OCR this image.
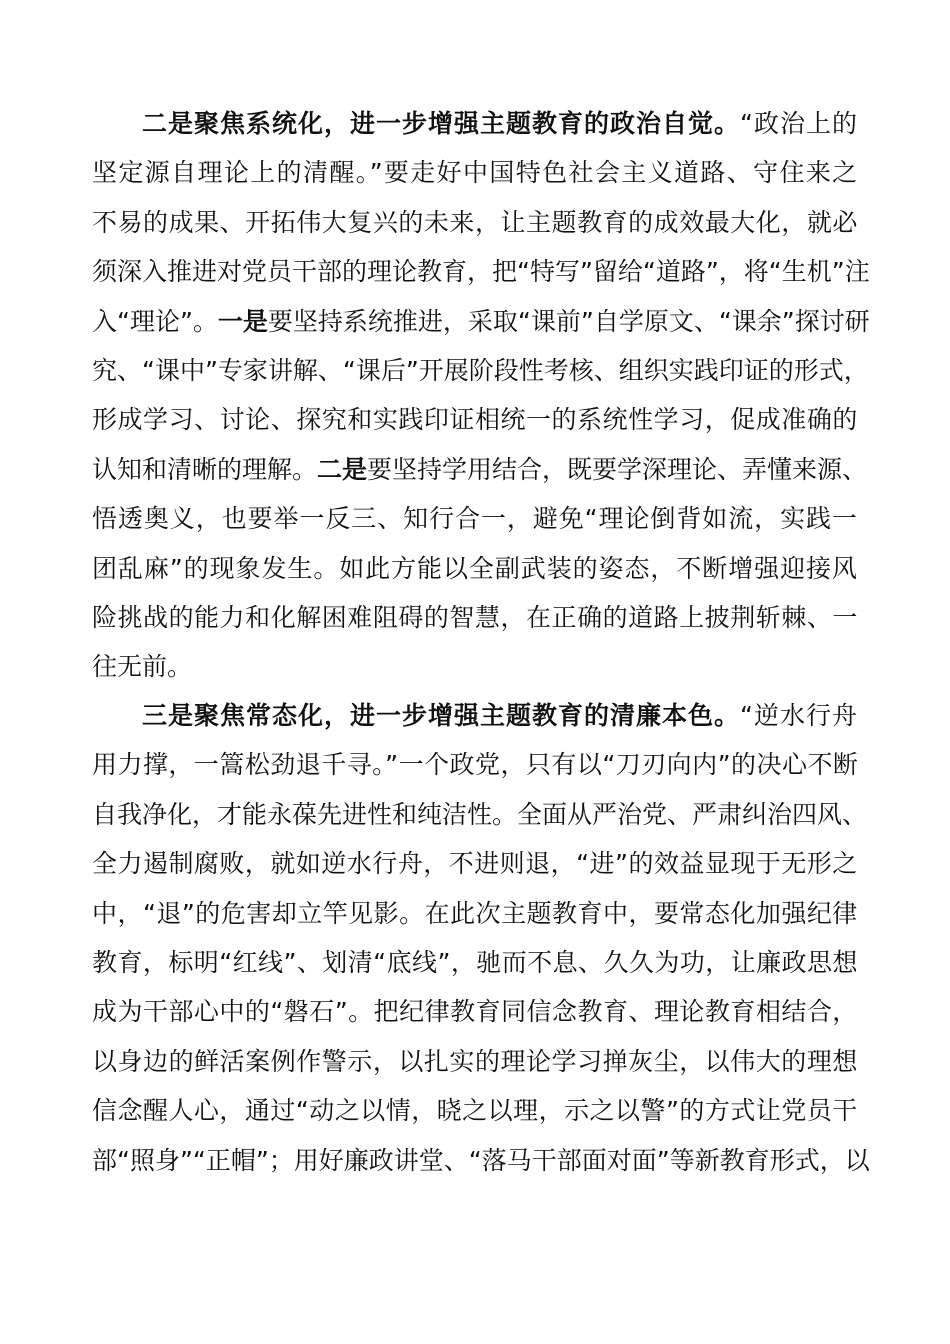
二是聚焦系统化，进一步增强主题教育的政治自觉。“政治上的
坚定源自理论上的清醒。”要走好中国特色社会主义道路、守住来之
不易的成果、开拓伟大复兴的未来，让主题教育的成效最大化，就必
须深入推进对党员干部的理论教育，把“特写”留给“道路”，将“生机”注
入“理论”。一是要坚持系统推进，采取“课前”自学原文、“课余”探讨研
究、“课中”专家讲解、“课后”开展阶段性考核、组织实践印证的形式，
形成学习、讨论、探究和实践印证相统一的系统性学习，促成准确的
认知和清晰的理解。二是要坚持学用结合，既要学深理论、弄懂来源、
悟透奥义，也要举一反三、知行合一，避免“理论倒背如流，实践一
团乱麻”的现象发生。如此方能以全副武装的姿态，不断增强迎接风
险挑战的能力和化解困难阻碍的智慧，在正确的道路上披荆斩棘、一
往无前。
三是聚焦常态化，进一步增强主题教育的清廉本色。“逆水行舟
用力撑，一篙松劲退千寻。”一个政党，只有以“刀刃向内”的决心不断
自我净化，才能永葆先进性和纯洁性。全面从严治党、严肃纠治四风、
全力遏制腐败，就如逆水行舟，不进则退，“进”的效益显现于无形之
中，“退”的危害却立竿见影。在此次主题教育中，要常态化加强纪律
教育，标明“红线”、划清“底线”，驰而不息、久久为功，让廉政思想
成为干部心中的“磐石”。把纪律教育同信念教育、理论教育相结合，
以身边的鲜活案例作警示，以扎实的理论学习掸灰尘，以伟大的理想
信念醒人心，通过“动之以情，晓之以理，示之以警”的方式让党员干
部“照身”“正帽”；用好廉政讲堂、“落马干部面对面”等新教育形式，以
